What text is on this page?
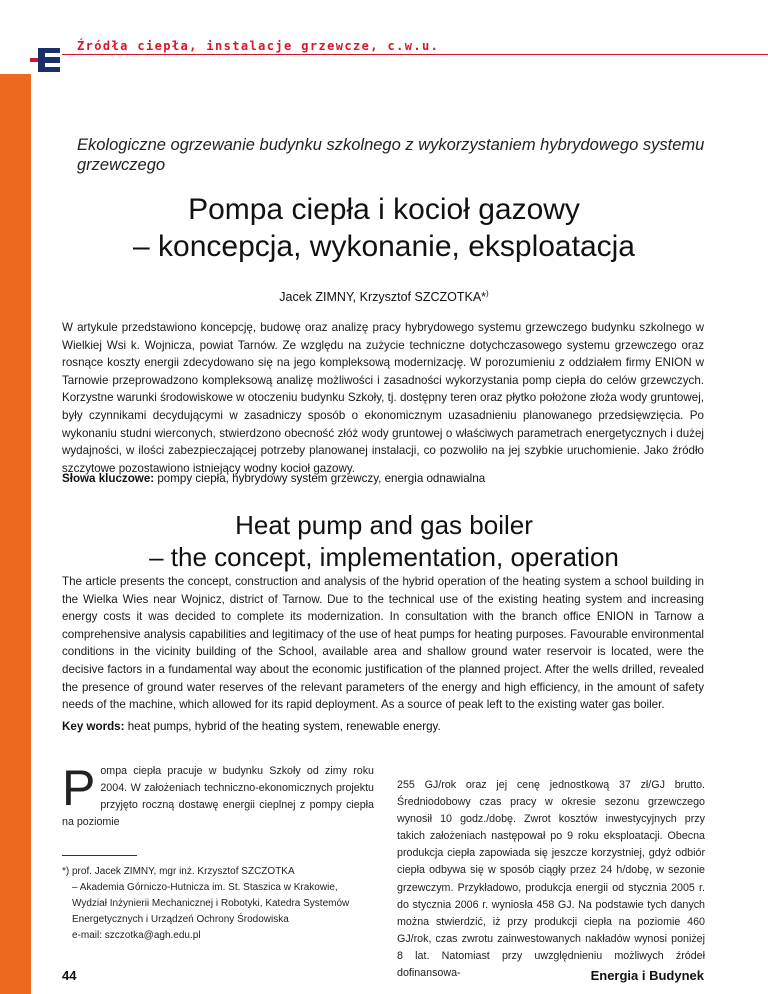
Źródła ciepła, instalacje grzewcze, c.w.u.
Ekologiczne ogrzewanie budynku szkolnego z wykorzystaniem hybrydowego systemu grzewczego
Pompa ciepła i kocioł gazowy
– koncepcja, wykonanie, eksploatacja
Jacek ZIMNY, Krzysztof SZCZOTKA*)
W artykule przedstawiono koncepcję, budowę oraz analizę pracy hybrydowego systemu grzewczego budynku szkolnego w Wielkiej Wsi k. Wojnicza, powiat Tarnów. Ze względu na zużycie techniczne dotychczasowego systemu grzewczego oraz rosnące koszty energii zdecydowano się na jego kompleksową modernizację. W porozumieniu z oddziałem firmy ENION w Tarnowie przeprowadzono kompleksową analizę możliwości i zasadności wykorzystania pomp ciepła do celów grzewczych. Korzystne warunki środowiskowe w otoczeniu budynku Szkoły, tj. dostępny teren oraz płytko położone złoża wody gruntowej, były czynnikami decydującymi w zasadniczy sposób o ekonomicznym uzasadnieniu planowanego przedsięwzięcia. Po wykonaniu studni wierconych, stwierdzono obecność złóż wody gruntowej o właściwych parametrach energetycznych i dużej wydajności, w ilości zabezpieczającej potrzeby planowanej instalacji, co pozwoliło na jej szybkie uruchomienie. Jako źródło szczytowe pozostawiono istniejący wodny kocioł gazowy.
Słowa kluczowe: pompy ciepła, hybrydowy system grzewczy, energia odnawialna
Heat pump and gas boiler
– the concept, implementation, operation
The article presents the concept, construction and analysis of the hybrid operation of the heating system a school building in the Wielka Wies near Wojnicz, district of Tarnow. Due to the technical use of the existing heating system and increasing energy costs it was decided to complete its modernization. In consultation with the branch office ENION in Tarnow a comprehensive analysis capabilities and legitimacy of the use of heat pumps for heating purposes. Favourable environmental conditions in the vicinity building of the School, available area and shallow ground water reservoir is located, were the decisive factors in a fundamental way about the economic justification of the planned project. After the wells drilled, revealed the presence of ground water reserves of the relevant parameters of the energy and high efficiency, in the amount of safety needs of the machine, which allowed for its rapid deployment. As a source of peak left to the existing water gas boiler.
Key words: heat pumps, hybrid of the heating system, renewable energy.
Pompa ciepła pracuje w budynku Szkoły od zimy roku 2004. W założeniach techniczno-ekonomicznych projektu przyjęto roczną dostawę energii cieplnej z pompy ciepła na poziomie
255 GJ/rok oraz jej cenę jednostkową 37 zł/GJ brutto. Średniodobowy czas pracy w okresie sezonu grzewczego wynosił 10 godz./dobę. Zwrot kosztów inwestycyjnych przy takich założeniach następował po 9 roku eksploatacji. Obecna produkcja ciepła zapowiada się jeszcze korzystniej, gdyż odbiór ciepła odbywa się w sposób ciągły przez 24 h/dobę, w sezonie grzewczym. Przykładowo, produkcja energii od stycznia 2005 r. do stycznia 2006 r. wyniosła 458 GJ. Na podstawie tych danych można stwierdzić, iż przy produkcji ciepła na poziomie 460 GJ/rok, czas zwrotu zainwestowanych nakładów wynosi poniżej 8 lat. Natomiast przy uwzględnieniu możliwych źródeł dofinansowa-
*) prof. Jacek ZIMNY, mgr inż. Krzysztof SZCZOTKA
– Akademia Górniczo-Hutnicza im. St. Staszica w Krakowie,
Wydział Inżynierii Mechanicznej i Robotyki, Katedra Systemów
Energetycznych i Urządzeń Ochrony Środowiska
e-mail: szczotka@agh.edu.pl
44	Energia i Budynek
